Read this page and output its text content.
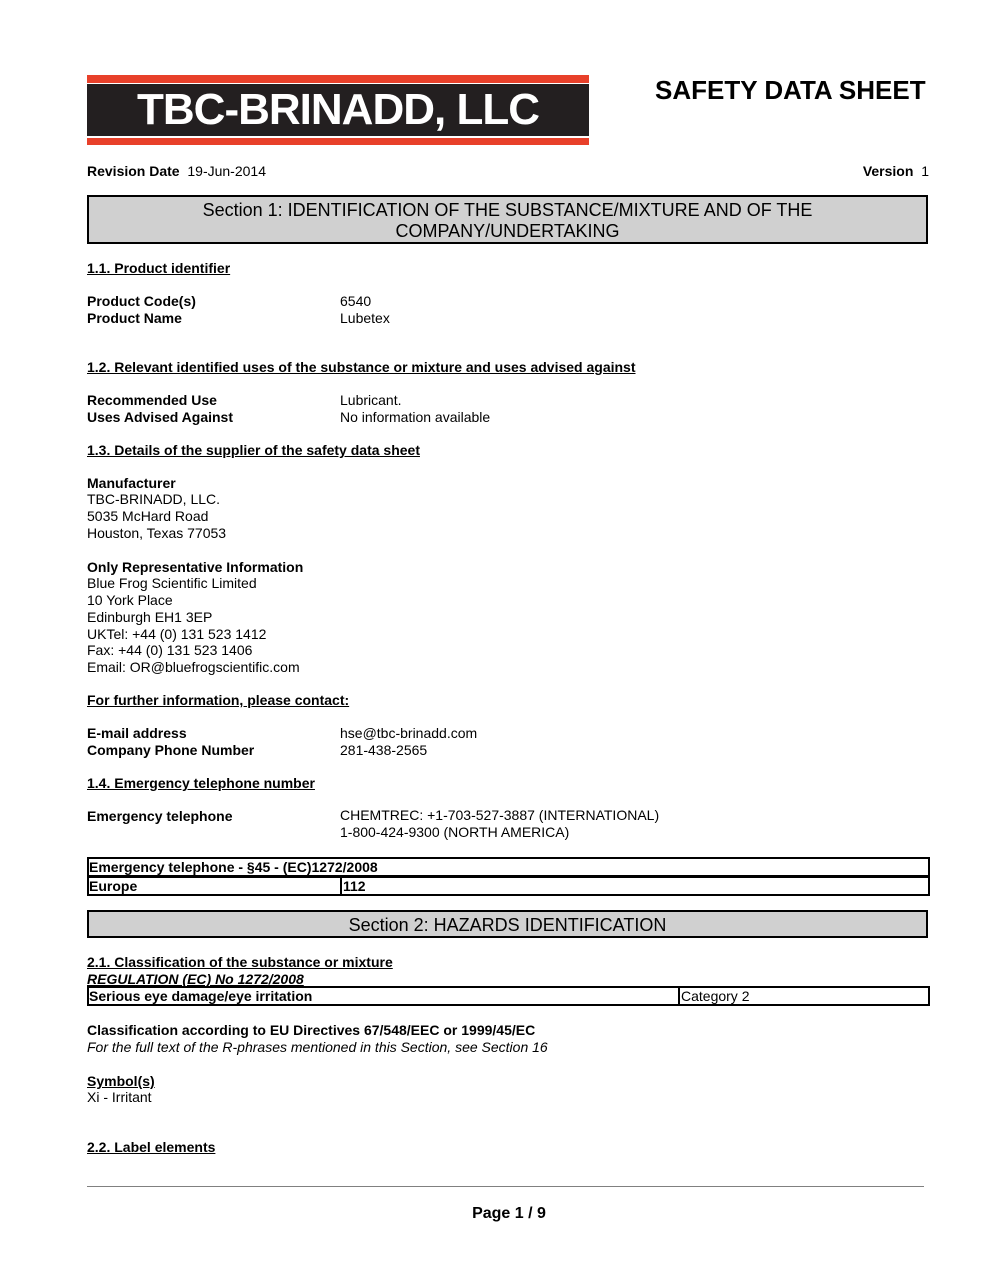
TBC-BRINADD, LLC	SAFETY DATA SHEET
Revision Date 19-Jun-2014	Version 1
Section 1: IDENTIFICATION OF THE SUBSTANCE/MIXTURE AND OF THE
COMPANY/UNDERTAKING
1.1. Product identifier
Product Code(s)	6540
Product Name	Lubetex
1.2. Relevant identified uses of the substance or mixture and uses advised against
Recommended Use	Lubricant.
Uses Advised Against	No information available
1.3. Details of the supplier of the safety data sheet
Manufacturer
TBC-BRINADD, LLC.
5035 McHard Road
Houston, Texas 77053
Only Representative Information
Blue Frog Scientific Limited
10 York Place
Edinburgh EH1 3EP
UKTel: +44 (0) 131 523 1412
Fax: +44 (0) 131 523 1406
Email: OR@bluefrogscientific.com
For further information, please contact:
E-mail address	hse@tbc-brinadd.com
Company Phone Number	281-438-2565
1.4. Emergency telephone number
Emergency telephone	CHEMTREC: +1-703-527-3887 (INTERNATIONAL)
1-800-424-9300 (NORTH AMERICA)
Emergency telephone - §45 - (EC)1272/2008
Europe	112
Section 2: HAZARDS IDENTIFICATION
2.1. Classification of the substance or mixture
REGULATION (EC) No 1272/2008
Serious eye damage/eye irritation	Category 2
Classification according to EU Directives 67/548/EEC or 1999/45/EC
For the full text of the R-phrases mentioned in this Section, see Section 16
Symbol(s)
Xi - Irritant
2.2. Label elements
Page 1 / 9
